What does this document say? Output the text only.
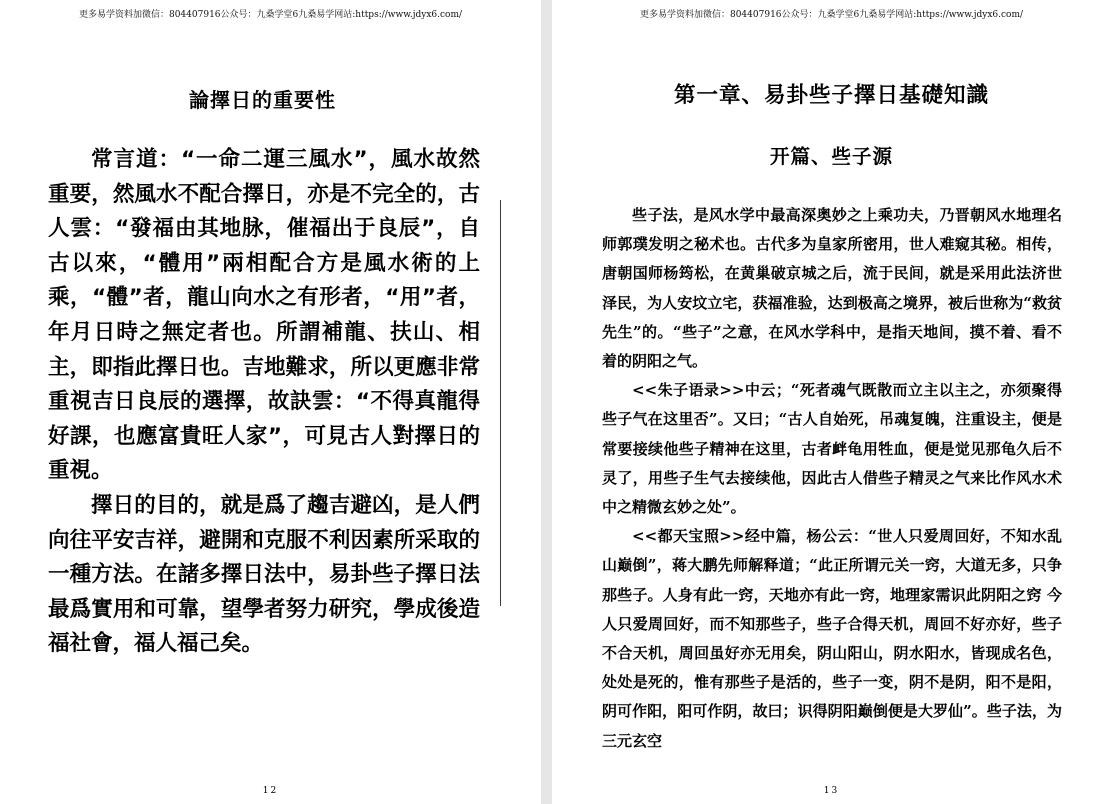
更多易学资料加微信：804407916公众号：九桑学堂6九桑易学网站:https://www.jdyx6.com/
論擇日的重要性

常言道：“一命二運三風水”，風水故然重要，然風水不配合擇日，亦是不完全的，古人雲：“發福由其地脉，催福出于良辰”，自古以來，“體用”兩相配合方是風水術的上乘，“體”者，龍山向水之有形者，“用”者，年月日時之無定者也。所謂補龍、扶山、相主，即指此擇日也。吉地難求，所以更應非常重視吉日良辰的選擇，故訣雲：“不得真龍得好課，也應富貴旺人家”，可見古人對擇日的重視。

擇日的目的，就是爲了趨吉避凶，是人們向往平安吉祥，避開和克服不利因素所采取的一種方法。在諸多擇日法中，易卦些子擇日法最爲實用和可靠，望學者努力研究，學成後造福社會，福人福己矣。

12
更多易学资料加微信：804407916公众号：九桑学堂6九桑易学网站:https://www.jdyx6.com/
第一章、易卦些子擇日基礎知識
开篇、些子源

些子法，是风水学中最高深奥妙之上乘功夫，乃晋朝风水地理名师郭璞发明之秘术也。古代多为皇家所密用，世人难窥其秘。相传，唐朝国师杨筠松，在黄巢破京城之后，流于民间，就是采用此法济世泽民，为人安坟立宅，获福准验，达到极高之境界，被后世称为“救贫先生”的。“些子”之意，在风水学科中，是指天地间，摸不着、看不着的阴阳之气。

<<朱子语录>>中云；“死者魂气既散而立主以主之，亦须聚得些子气在这里否”。又曰；“古人自始死，吊魂复魄，注重设主，便是常要接续他些子精神在这里，古者衅龟用牲血，便是觉见那龟久后不灵了，用些子生气去接续他，因此古人借些子精灵之气来比作风水术中之精微玄妙之处”。

<<都天宝照>>经中篇，杨公云：“世人只爱周回好，不知水乱山巅倒”，蒋大鹏先师解释道；“此正所谓元关一窍，大道无多，只争那些子。人身有此一窍，天地亦有此一窍，地理家需识此阴阳之窍 今人只爱周回好，而不知那些子，些子合得天机，周回不好亦好，些子不合天机，周回虽好亦无用矣，阴山阳山，阴水阳水，皆现成名色，处处是死的，惟有那些子是活的，些子一变，阴不是阴，阳不是阳，阴可作阳，阳可作阴，故曰；识得阴阳巅倒便是大罗仙”。些子法，为三元玄空

13
